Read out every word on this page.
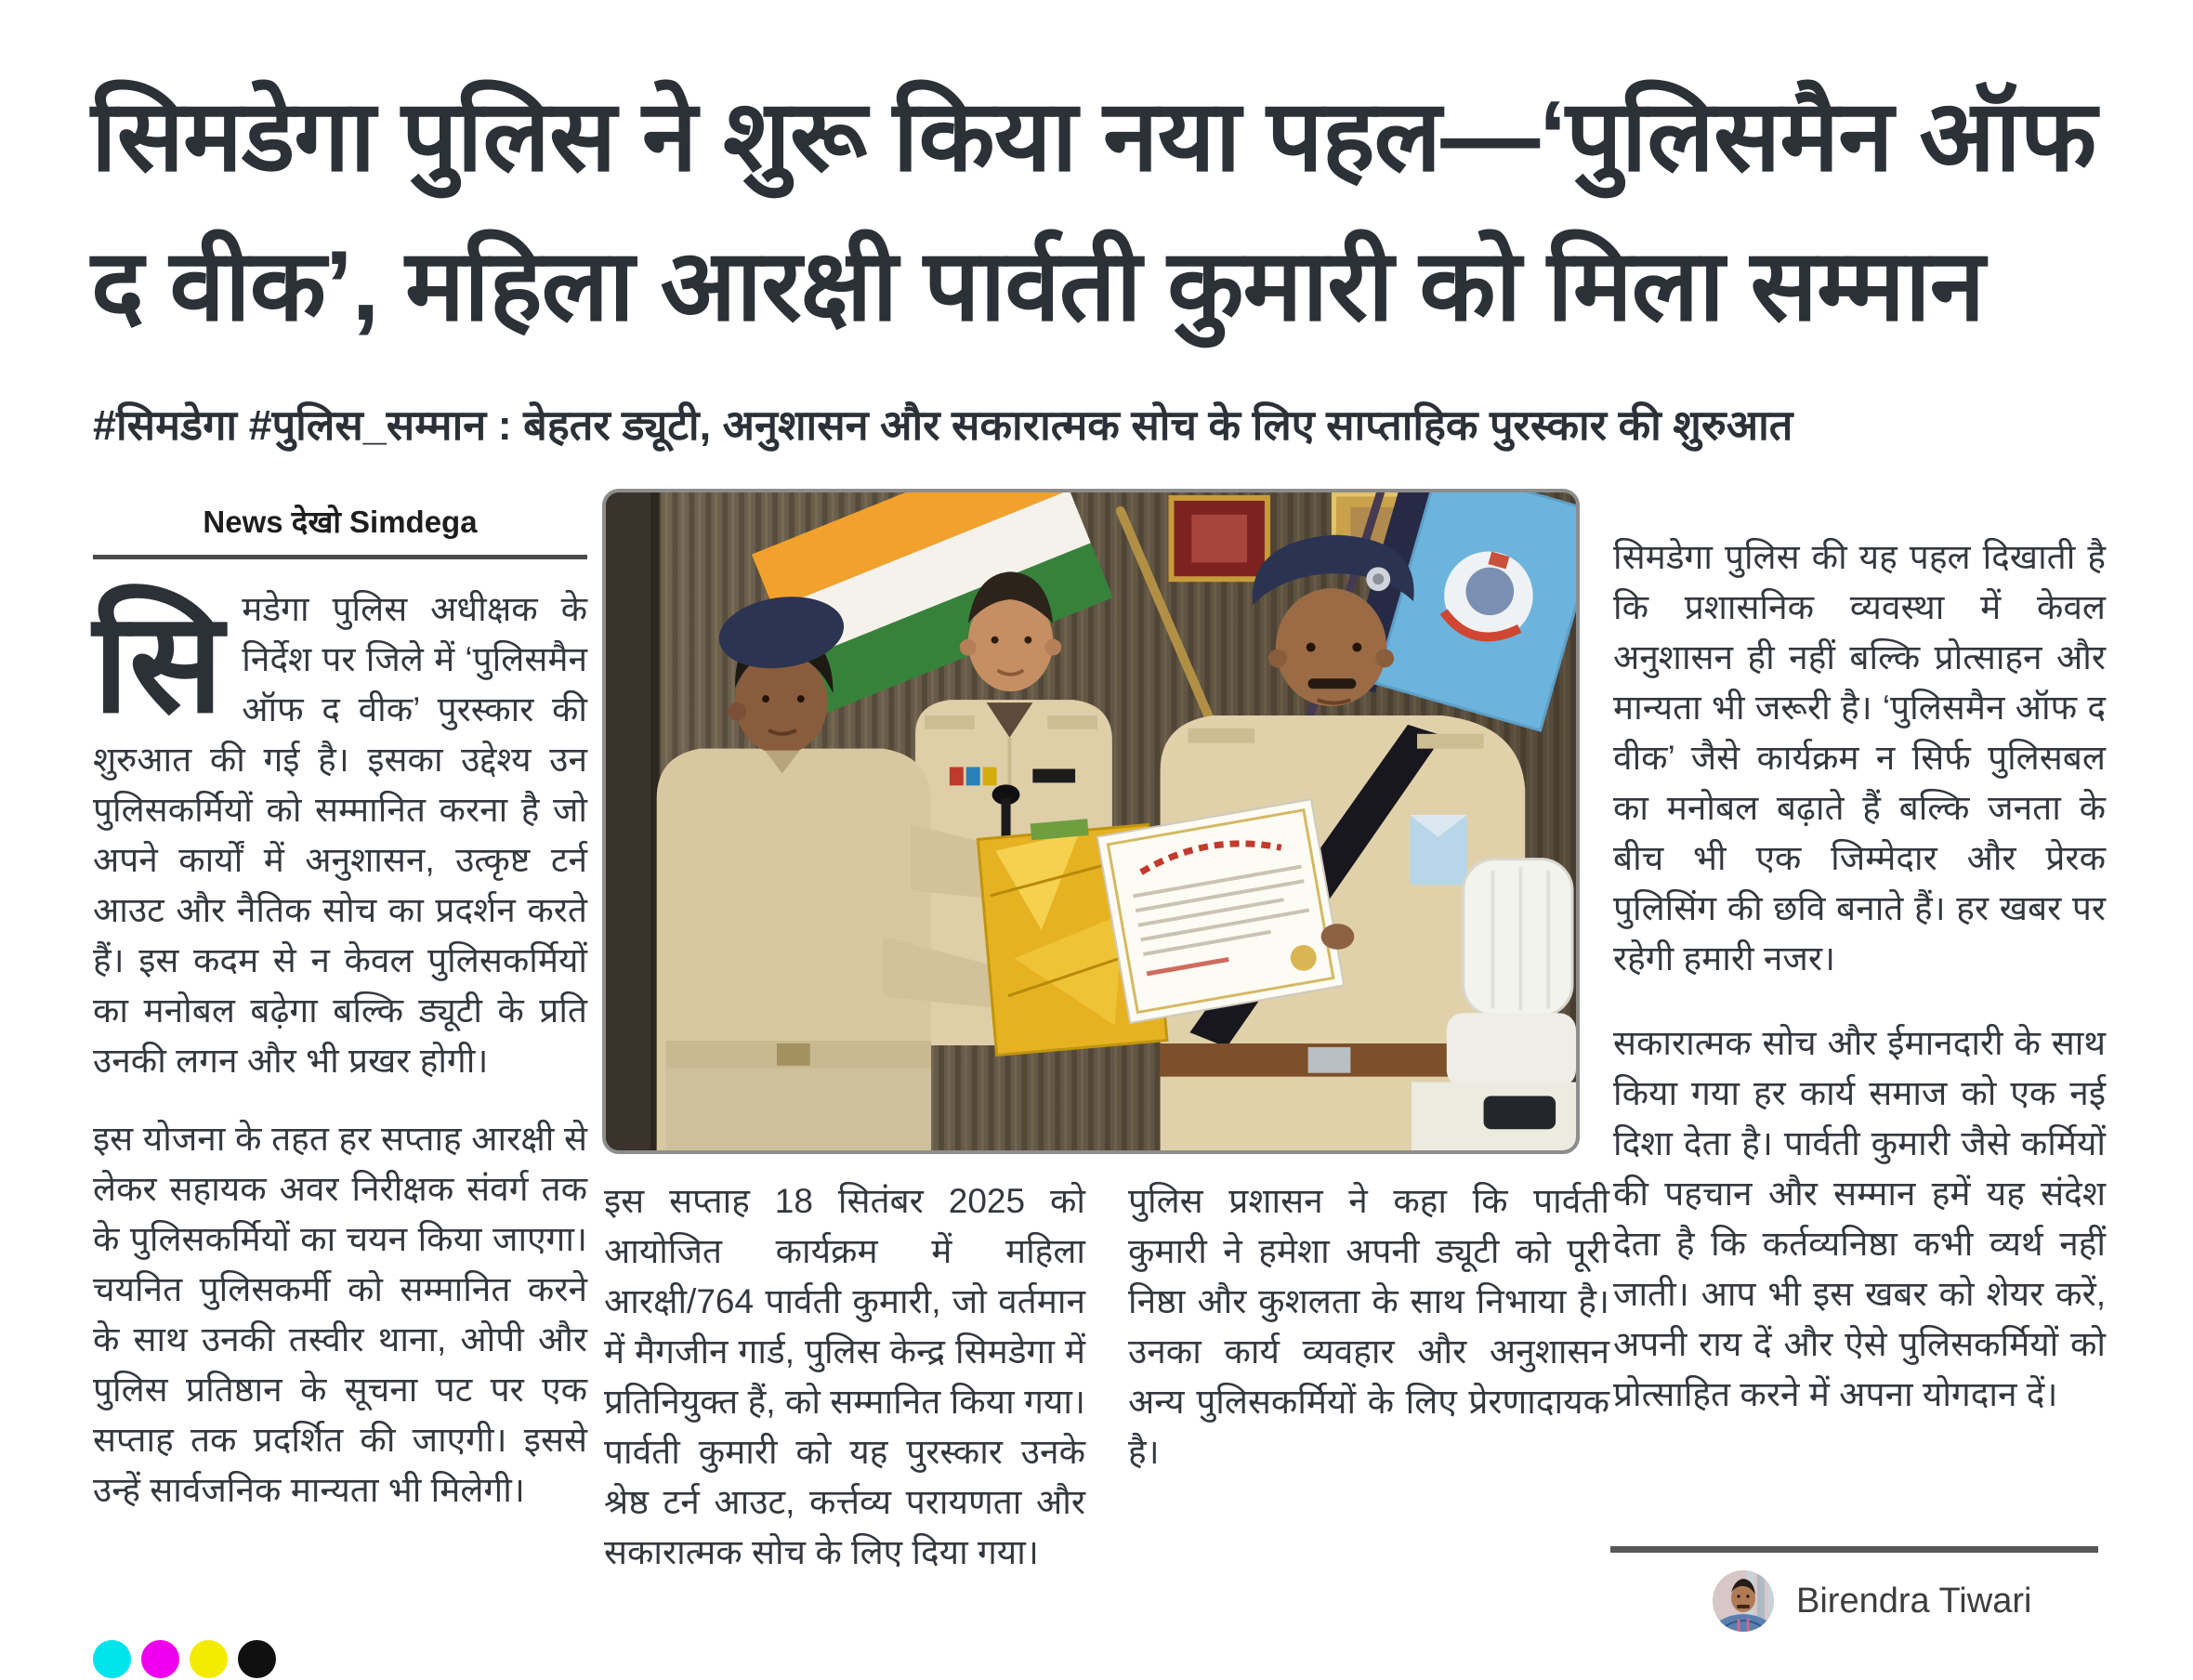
सिमडेगा पुलिस ने शुरू किया नया पहल—‘पुलिसमैन ऑफ
द वीक’, महिला आरक्षी पार्वती कुमारी को मिला सम्मान
#सिमडेगा #पुलिस_सम्मान : बेहतर ड्यूटी, अनुशासन और सकारात्मक सोच के लिए साप्ताहिक पुरस्कार की शुरुआत
News देखो Simdega

सिमडेगा पुलिस अधीक्षक के निर्देश पर जिले में ‘पुलिसमैन ऑफ द वीक’ पुरस्कार की शुरुआत की गई है। इसका उद्देश्य उन पुलिसकर्मियों को सम्मानित करना है जो अपने कार्यों में अनुशासन, उत्कृष्ट टर्न आउट और नैतिक सोच का प्रदर्शन करते हैं। इस कदम से न केवल पुलिसकर्मियों का मनोबल बढ़ेगा बल्कि ड्यूटी के प्रति उनकी लगन और भी प्रखर होगी।

इस योजना के तहत हर सप्ताह आरक्षी से लेकर सहायक अवर निरीक्षक संवर्ग तक के पुलिसकर्मियों का चयन किया जाएगा। चयनित पुलिसकर्मी को सम्मानित करने के साथ उनकी तस्वीर थाना, ओपी और पुलिस प्रतिष्ठान के सूचना पट पर एक सप्ताह तक प्रदर्शित की जाएगी। इससे उन्हें सार्वजनिक मान्यता भी मिलेगी।

इस सप्ताह 18 सितंबर 2025 को आयोजित कार्यक्रम में महिला आरक्षी/764 पार्वती कुमारी, जो वर्तमान में मैगजीन गार्ड, पुलिस केन्द्र सिमडेगा में प्रतिनियुक्त हैं, को सम्मानित किया गया। पार्वती कुमारी को यह पुरस्कार उनके श्रेष्ठ टर्न आउट, कर्त्तव्य परायणता और सकारात्मक सोच के लिए दिया गया।

पुलिस प्रशासन ने कहा कि पार्वती कुमारी ने हमेशा अपनी ड्यूटी को पूरी निष्ठा और कुशलता के साथ निभाया है। उनका कार्य व्यवहार और अनुशासन अन्य पुलिसकर्मियों के लिए प्रेरणादायक है।

सिमडेगा पुलिस की यह पहल दिखाती है कि प्रशासनिक व्यवस्था में केवल अनुशासन ही नहीं बल्कि प्रोत्साहन और मान्यता भी जरूरी है। ‘पुलिसमैन ऑफ द वीक’ जैसे कार्यक्रम न सिर्फ पुलिसबल का मनोबल बढ़ाते हैं बल्कि जनता के बीच भी एक जिम्मेदार और प्रेरक पुलिसिंग की छवि बनाते हैं। हर खबर पर रहेगी हमारी नजर।

सकारात्मक सोच और ईमानदारी के साथ किया गया हर कार्य समाज को एक नई दिशा देता है। पार्वती कुमारी जैसे कर्मियों की पहचान और सम्मान हमें यह संदेश देता है कि कर्तव्यनिष्ठा कभी व्यर्थ नहीं जाती। आप भी इस खबर को शेयर करें, अपनी राय दें और ऐसे पुलिसकर्मियों को प्रोत्साहित करने में अपना योगदान दें।

Birendra Tiwari
